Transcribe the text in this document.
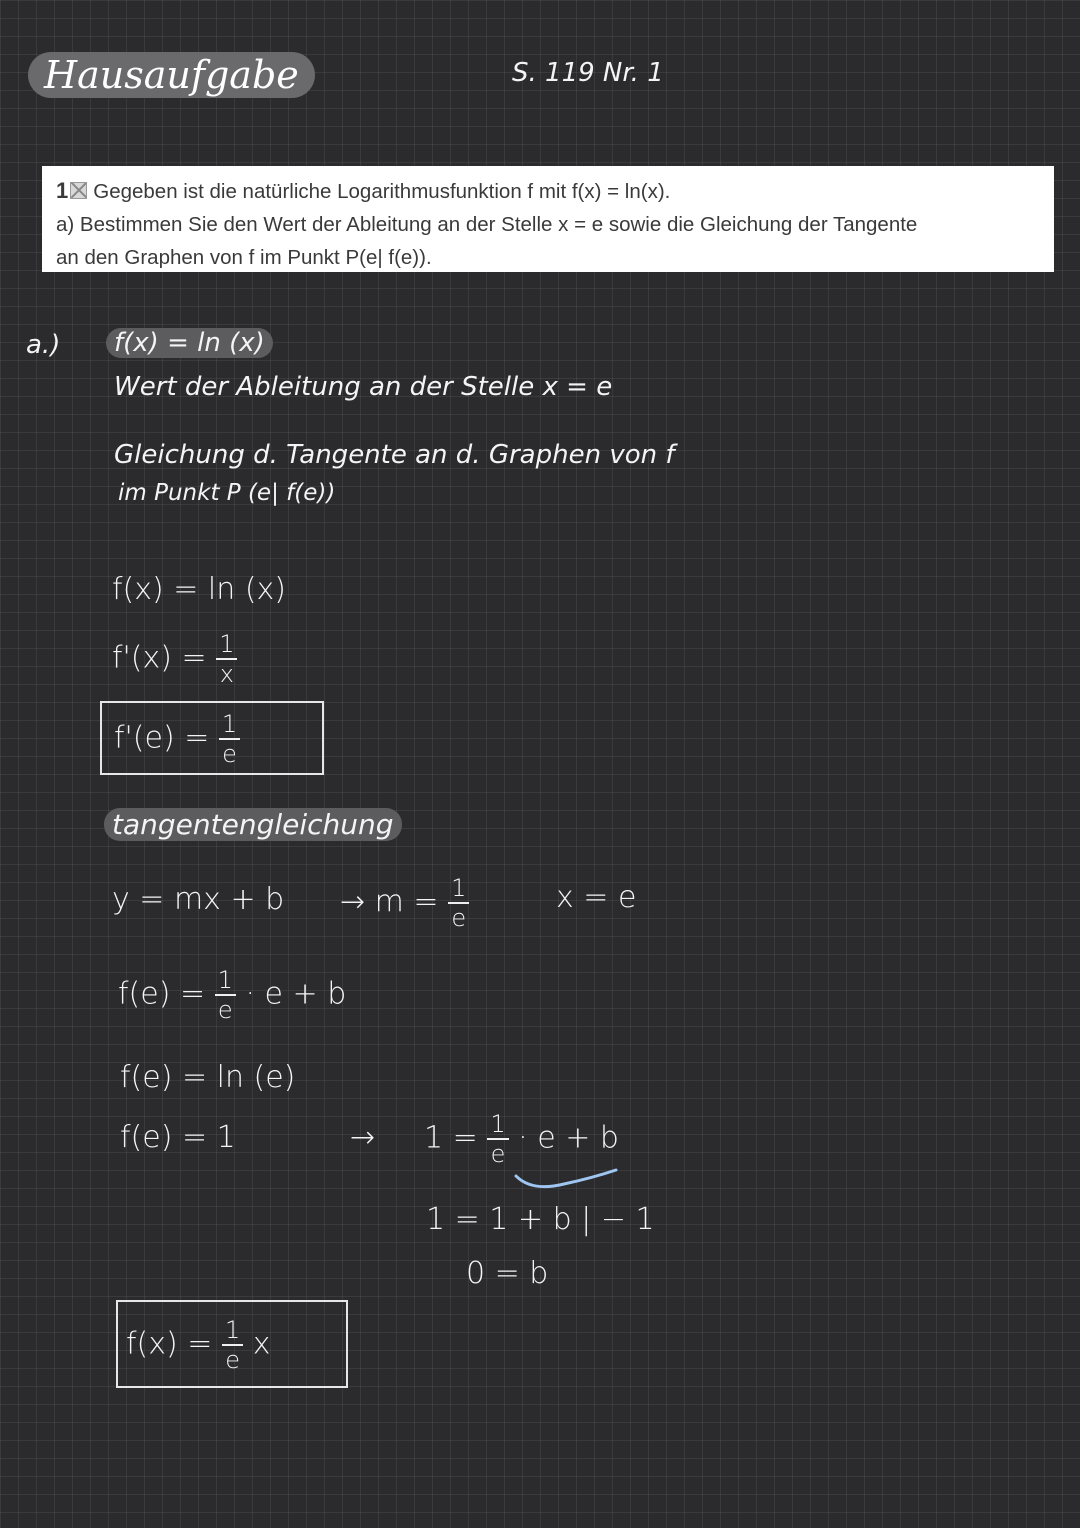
Hausaufgabe	S. 119 Nr. 1
1 Gegeben ist die natürliche Logarithmusfunktion f mit f(x) = ln(x).
a) Bestimmen Sie den Wert der Ableitung an der Stelle x = e sowie die Gleichung der Tangente
an den Graphen von f im Punkt P(e| f(e)).
a.)	f(x) = ln (x)
Wert der Ableitung an der Stelle x = e
Gleichung d. Tangente an d. Graphen von f
im Punkt P (e| f(e))
f(x) = ln (x)
$f'(x) = \frac{1}{x}$
$f'(e) = \frac{1}{e}$
tangentengleichung
y = mx + $b \to m = \frac{1}{e}$	x = e
$f(e) = \frac{1}{e} \cdot e + b$
f(e) = ln (e)
f(e) = 1	→ $1 = \frac{1}{e} \cdot e + b$
1 = 1 + b | − 1
0 = b
$f(x) = \frac{1}{e}$ x
